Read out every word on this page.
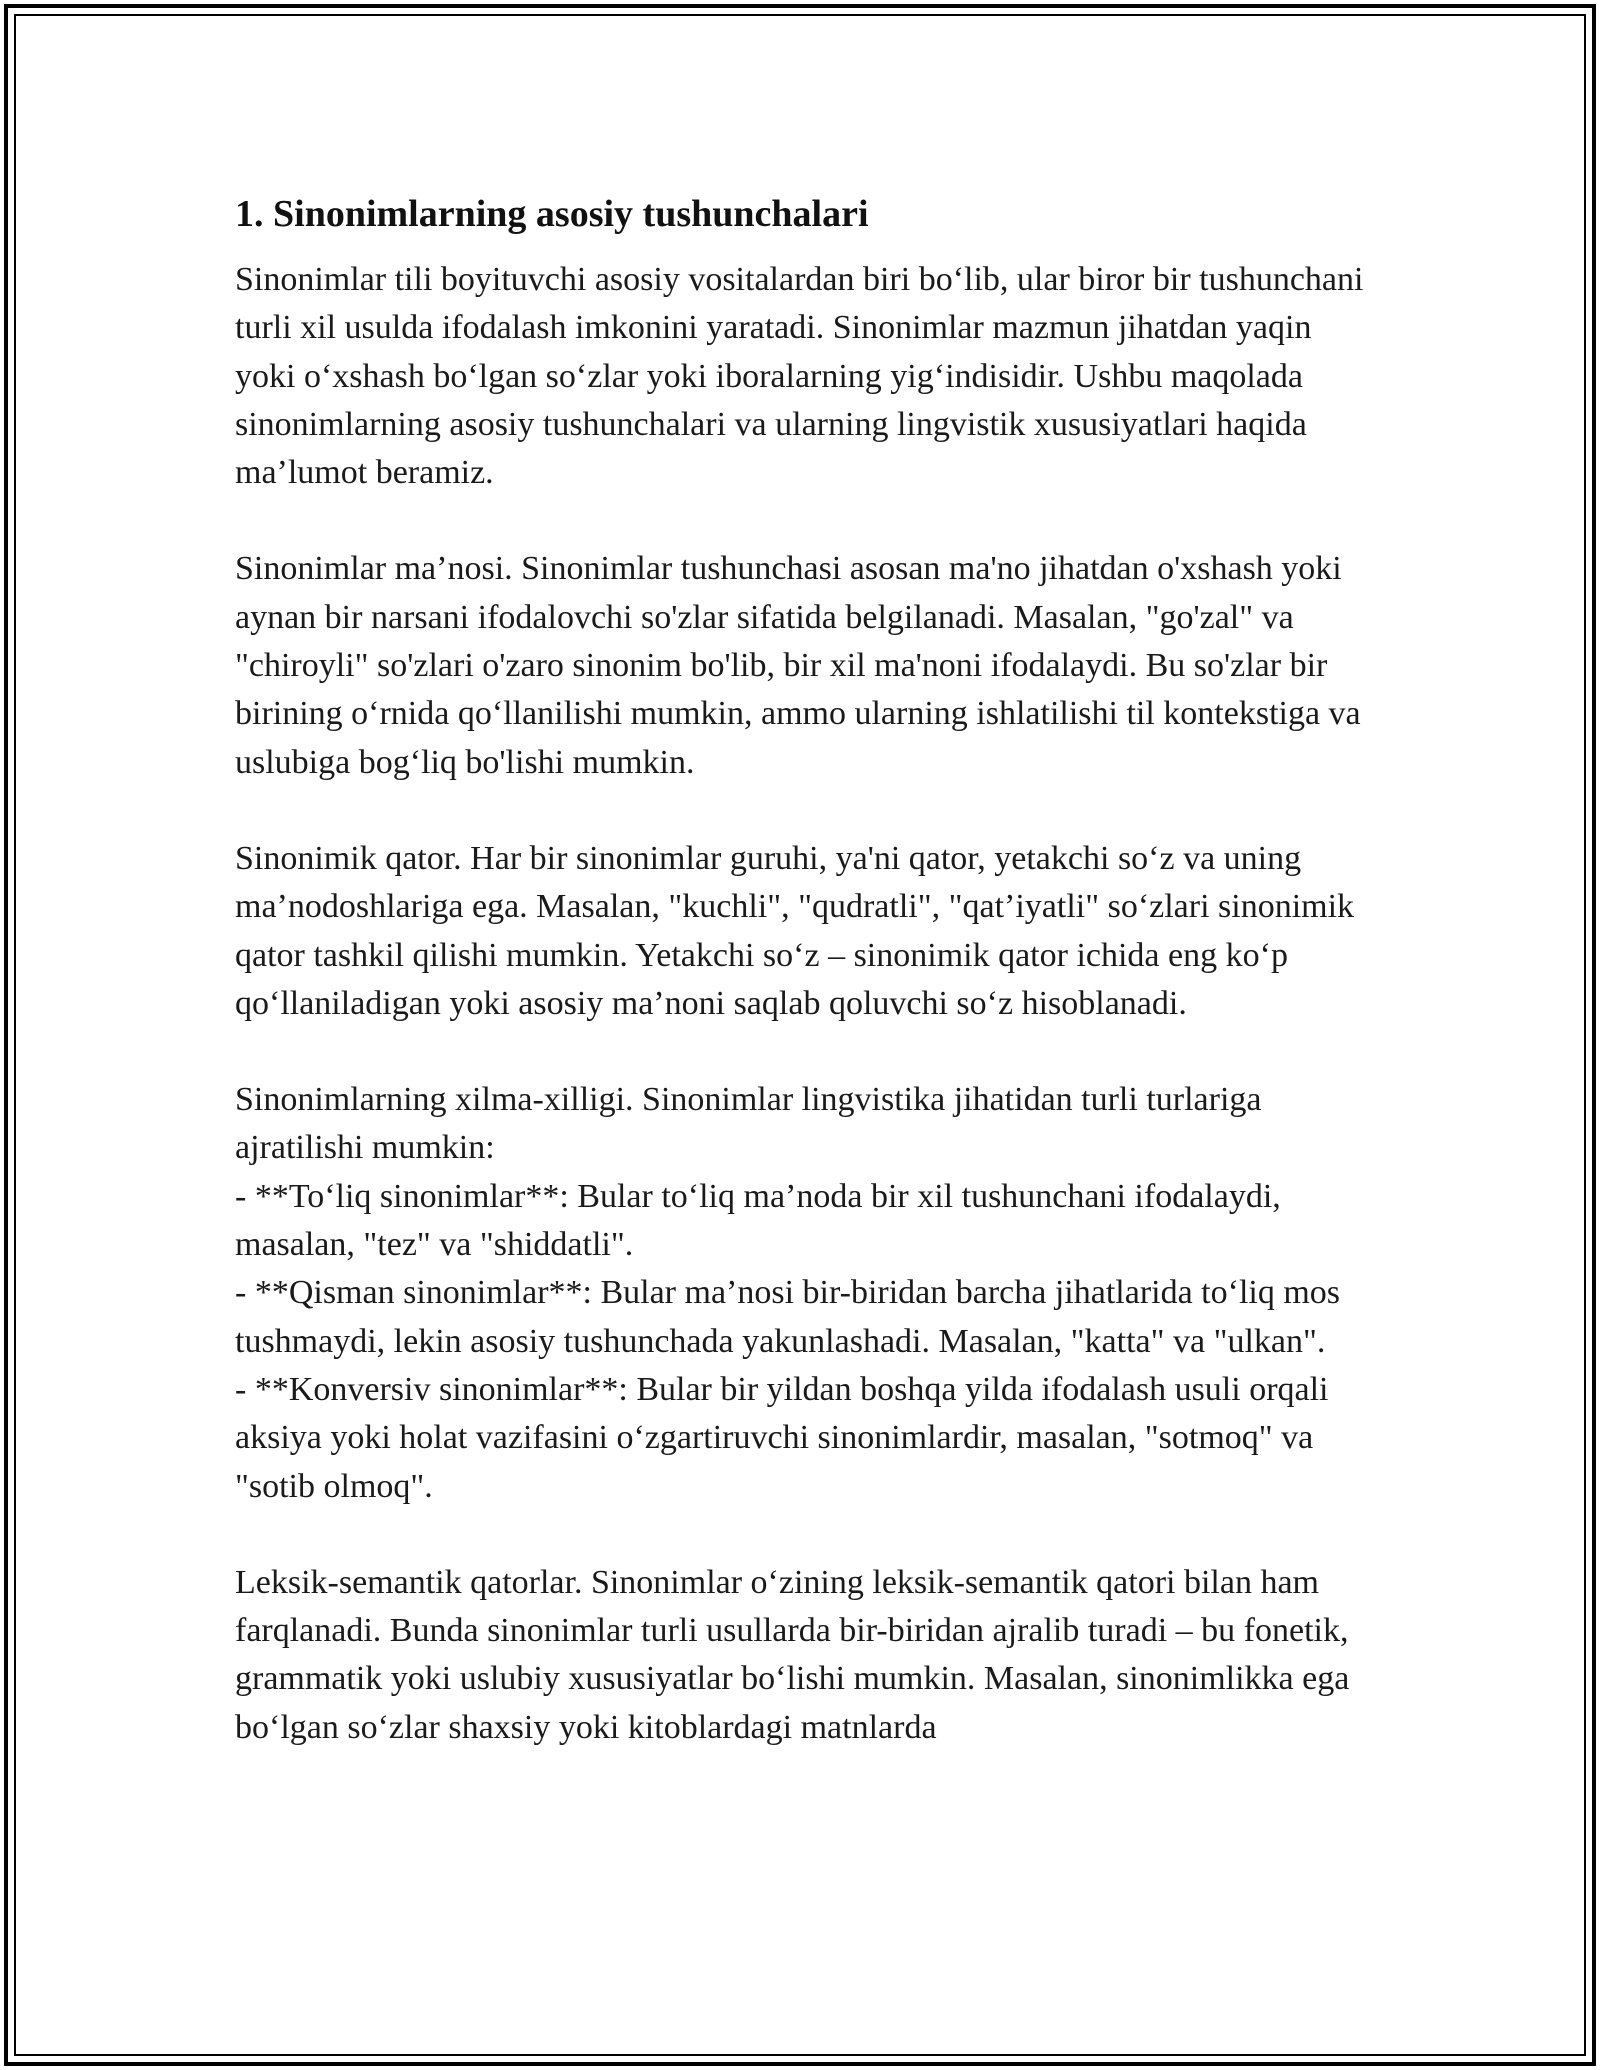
1. Sinonimlarning asosiy tushunchalari

Sinonimlar tili boyituvchi asosiy vositalardan biri bo‘lib, ular biror bir tushunchani turli xil usulda ifodalash imkonini yaratadi. Sinonimlar mazmun jihatdan yaqin yoki o‘xshash bo‘lgan so‘zlar yoki iboralarning yig‘indisidir. Ushbu maqolada sinonimlarning asosiy tushunchalari va ularning lingvistik xususiyatlari haqida ma’lumot beramiz.

Sinonimlar ma’nosi. Sinonimlar tushunchasi asosan ma'no jihatdan o'xshash yoki aynan bir narsani ifodalovchi so'zlar sifatida belgilanadi. Masalan, "go'zal" va "chiroyli" so'zlari o'zaro sinonim bo'lib, bir xil ma'noni ifodalaydi. Bu so'zlar bir birining o‘rnida qo‘llanilishi mumkin, ammo ularning ishlatilishi til kontekstiga va uslubiga bog‘liq bo'lishi mumkin.

Sinonimik qator. Har bir sinonimlar guruhi, ya'ni qator, yetakchi so‘z va uning ma’nodoshlariga ega. Masalan, "kuchli", "qudratli", "qat’iyatli" so‘zlari sinonimik qator tashkil qilishi mumkin. Yetakchi so‘z – sinonimik qator ichida eng ko‘p qo‘llaniladigan yoki asosiy ma’noni saqlab qoluvchi so‘z hisoblanadi.

Sinonimlarning xilma-xilligi. Sinonimlar lingvistika jihatidan turli turlariga ajratilishi mumkin:
- **To‘liq sinonimlar**: Bular to‘liq ma’noda bir xil tushunchani ifodalaydi, masalan, "tez" va "shiddatli".
- **Qisman sinonimlar**: Bular ma’nosi bir-biridan barcha jihatlarida to‘liq mos tushmaydi, lekin asosiy tushunchada yakunlashadi. Masalan, "katta" va "ulkan".
- **Konversiv sinonimlar**: Bular bir yildan boshqa yilda ifodalash usuli orqali aksiya yoki holat vazifasini o‘zgartiruvchi sinonimlardir, masalan, "sotmoq" va "sotib olmoq".

Leksik-semantik qatorlar. Sinonimlar o‘zining leksik-semantik qatori bilan ham farqlanadi. Bunda sinonimlar turli usullarda bir-biridan ajralib turadi – bu fonetik, grammatik yoki uslubiy xususiyatlar bo‘lishi mumkin. Masalan, sinonimlikka ega bo‘lgan so‘zlar shaxsiy yoki kitoblardagi matnlarda
